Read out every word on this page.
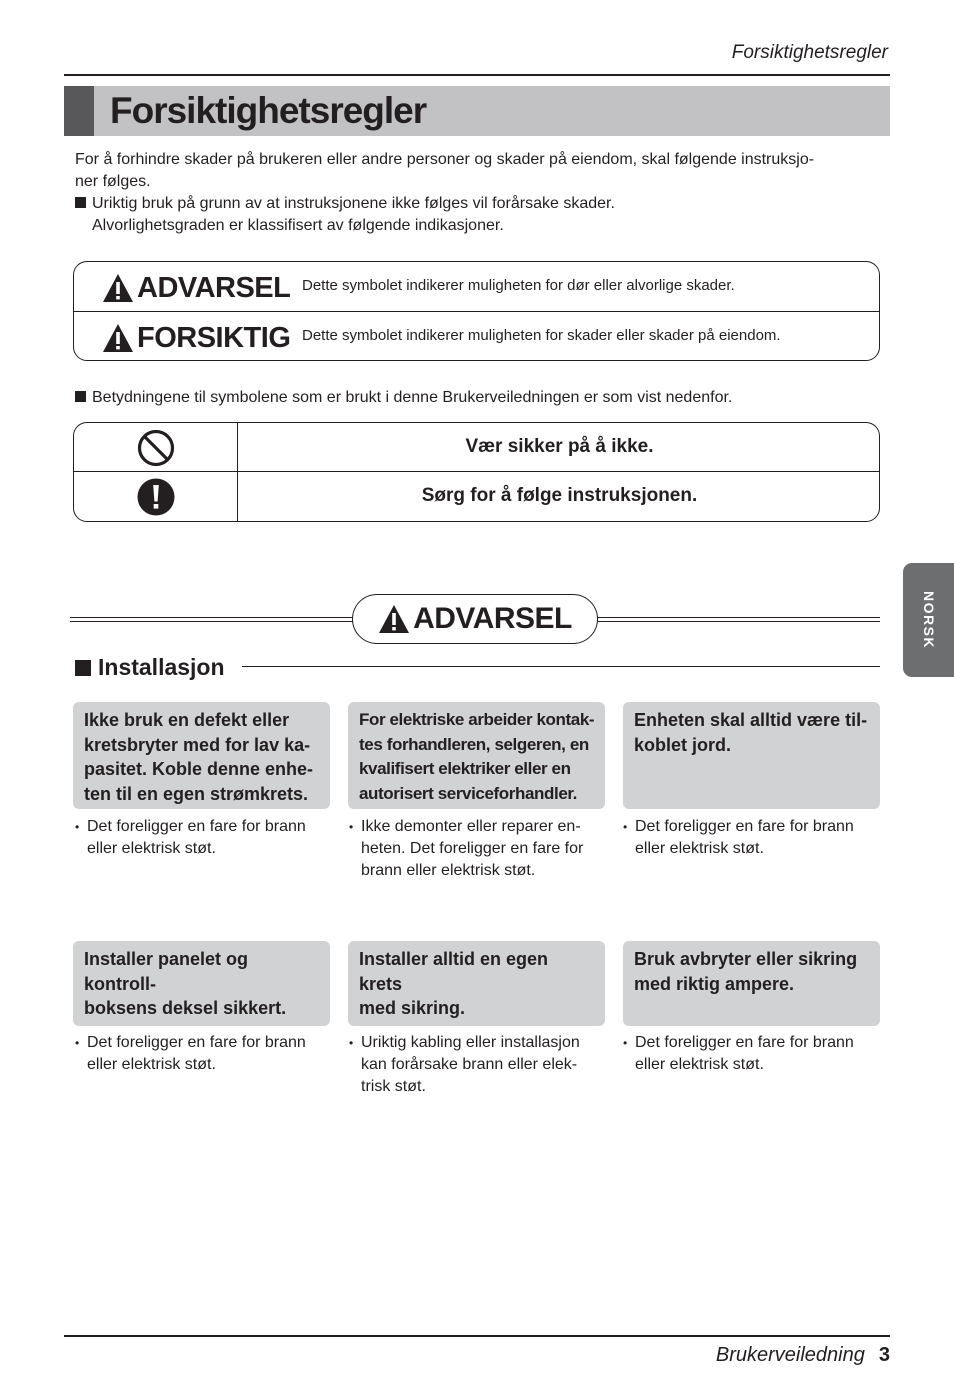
Forsiktighetsregler
Forsiktighetsregler
For å forhindre skader på brukeren eller andre personer og skader på eiendom, skal følgende instruksjo-
ner følges.
Uriktig bruk på grunn av at instruksjonene ikke følges vil forårsake skader.
Alvorlighetsgraden er klassifisert av følgende indikasjoner.
ADVARSEL Dette symbolet indikerer muligheten for dør eller alvorlige skader.
FORSIKTIG Dette symbolet indikerer muligheten for skader eller skader på eiendom.
Betydningene til symbolene som er brukt i denne Brukerveiledningen er som vist nedenfor.
Vær sikker på å ikke.
Sørg for å følge instruksjonen.
ADVARSEL
Installasjon
Ikke bruk en defekt eller
kretsbryter med for lav ka-
pasitet. Koble denne enhe-
ten til en egen strømkrets.
• Det foreligger en fare for brann
eller elektrisk støt.
For elektriske arbeider kontak-
tes forhandleren, selgeren, en
kvalifisert elektriker eller en
autorisert serviceforhandler.
• Ikke demonter eller reparer en-
heten. Det foreligger en fare for
brann eller elektrisk støt.
Enheten skal alltid være til-
koblet jord.
• Det foreligger en fare for brann
eller elektrisk støt.
Installer panelet og kontroll-
boksens deksel sikkert.
• Det foreligger en fare for brann
eller elektrisk støt.
Installer alltid en egen krets
med sikring.
• Uriktig kabling eller installasjon
kan forårsake brann eller elek-
trisk støt.
Bruk avbryter eller sikring
med riktig ampere.
• Det foreligger en fare for brann
eller elektrisk støt.
NORSK
Brukerveiledning 3
